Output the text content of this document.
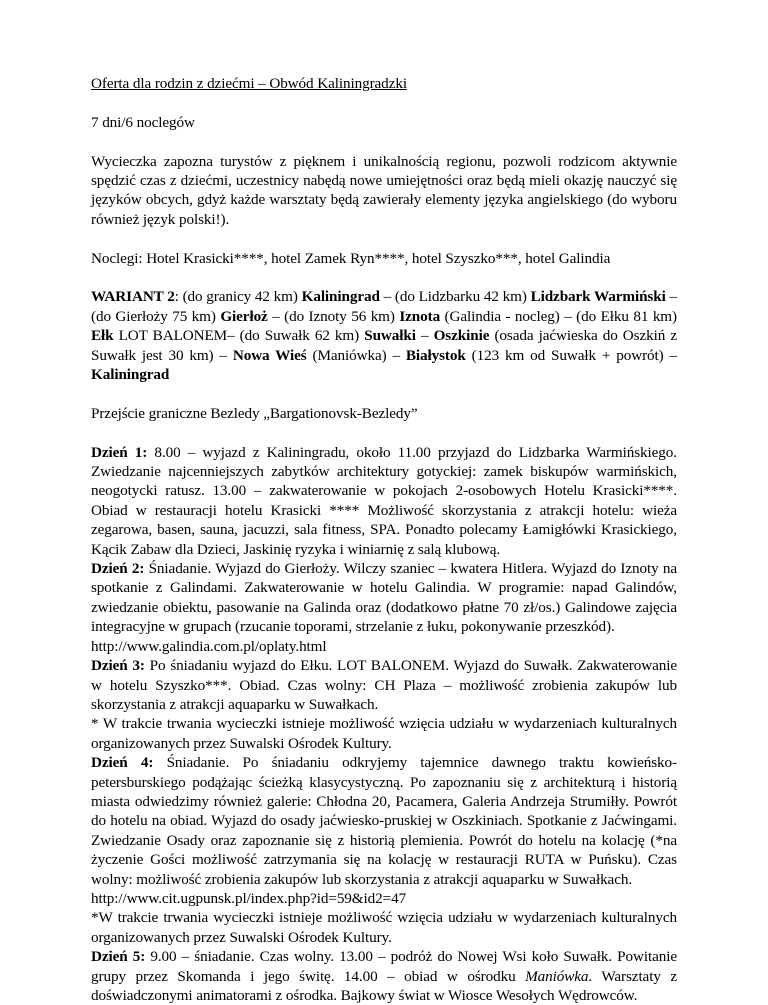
Oferta dla rodzin z dziećmi – Obwód Kaliningradzki

7 dni/6 noclegów

Wycieczka zapozna turystów z pięknem i unikalnością regionu, pozwoli rodzicom aktywnie spędzić czas z dziećmi, uczestnicy nabędą nowe umiejętności oraz będą mieli okazję nauczyć się języków obcych, gdyż każde warsztaty będą zawierały elementy języka angielskiego (do wyboru również język polski!).

Noclegi: Hotel Krasicki****, hotel Zamek Ryn****, hotel Szyszko***, hotel Galindia

WARIANT 2: (do granicy 42 km) Kaliningrad – (do Lidzbarku 42 km) Lidzbark Warmiński – (do Gierłoży 75 km) Gierłoż – (do Iznoty 56 km) Iznota (Galindia - nocleg) – (do Ełku 81 km) Ełk LOT BALONEM– (do Suwałk 62 km) Suwałki – Oszkinie (osada jaćwieska do Oszkiń z Suwałk jest 30 km) – Nowa Wieś (Maniówka) – Białystok (123 km od Suwałk + powrót) – Kaliningrad

Przejście graniczne Bezledy „Bargationovsk-Bezledy”

Dzień 1: 8.00 – wyjazd z Kaliningradu, około 11.00 przyjazd do Lidzbarka Warmińskiego. Zwiedzanie najcenniejszych zabytków architektury gotyckiej: zamek biskupów warmińskich, neogotycki ratusz. 13.00 – zakwaterowanie w pokojach 2-osobowych Hotelu Krasicki****. Obiad w restauracji hotelu Krasicki **** Możliwość skorzystania z atrakcji hotelu: wieża zegarowa, basen, sauna, jacuzzi, sala fitness, SPA. Ponadto polecamy Łamigłówki Krasickiego, Kącik Zabaw dla Dzieci, Jaskinię ryzyka i winiarnię z salą klubową.
Dzień 2: Śniadanie. Wyjazd do Gierłoży. Wilczy szaniec – kwatera Hitlera. Wyjazd do Iznoty na spotkanie z Galindami. Zakwaterowanie w hotelu Galindia. W programie: napad Galindów, zwiedzanie obiektu, pasowanie na Galinda oraz (dodatkowo płatne 70 zł/os.) Galindowe zajęcia integracyjne w grupach (rzucanie toporami, strzelanie z łuku, pokonywanie przeszkód).
http://www.galindia.com.pl/oplaty.html
Dzień 3: Po śniadaniu wyjazd do Ełku. LOT BALONEM. Wyjazd do Suwałk. Zakwaterowanie w hotelu Szyszko***. Obiad. Czas wolny: CH Plaza – możliwość zrobienia zakupów lub skorzystania z atrakcji aquaparku w Suwałkach.
* W trakcie trwania wycieczki istnieje możliwość wzięcia udziału w wydarzeniach kulturalnych organizowanych przez Suwalski Ośrodek Kultury.
Dzień 4: Śniadanie. Po śniadaniu odkryjemy tajemnice dawnego traktu kowieńsko-petersburskiego podążając ścieżką klasycystyczną. Po zapoznaniu się z architekturą i historią miasta odwiedzimy również galerie: Chłodna 20, Pacamera, Galeria Andrzeja Strumiłły. Powrót do hotelu na obiad. Wyjazd do osady jaćwiesko-pruskiej w Oszkiniach. Spotkanie z Jaćwingami. Zwiedzanie Osady oraz zapoznanie się z historią plemienia. Powrót do hotelu na kolację (*na życzenie Gości możliwość zatrzymania się na kolację w restauracji RUTA w Puńsku). Czas wolny: możliwość zrobienia zakupów lub skorzystania z atrakcji aquaparku w Suwałkach.
http://www.cit.ugpunsk.pl/index.php?id=59&id2=47
*W trakcie trwania wycieczki istnieje możliwość wzięcia udziału w wydarzeniach kulturalnych organizowanych przez Suwalski Ośrodek Kultury.
Dzień 5: 9.00 – śniadanie. Czas wolny. 13.00 – podróż do Nowej Wsi koło Suwałk. Powitanie grupy przez Skomanda i jego świtę. 14.00 – obiad w ośrodku Maniówka. Warsztaty z doświadczonymi animatorami z ośrodka. Bajkowy świat w Wiosce Wesołych Wędrowców.
